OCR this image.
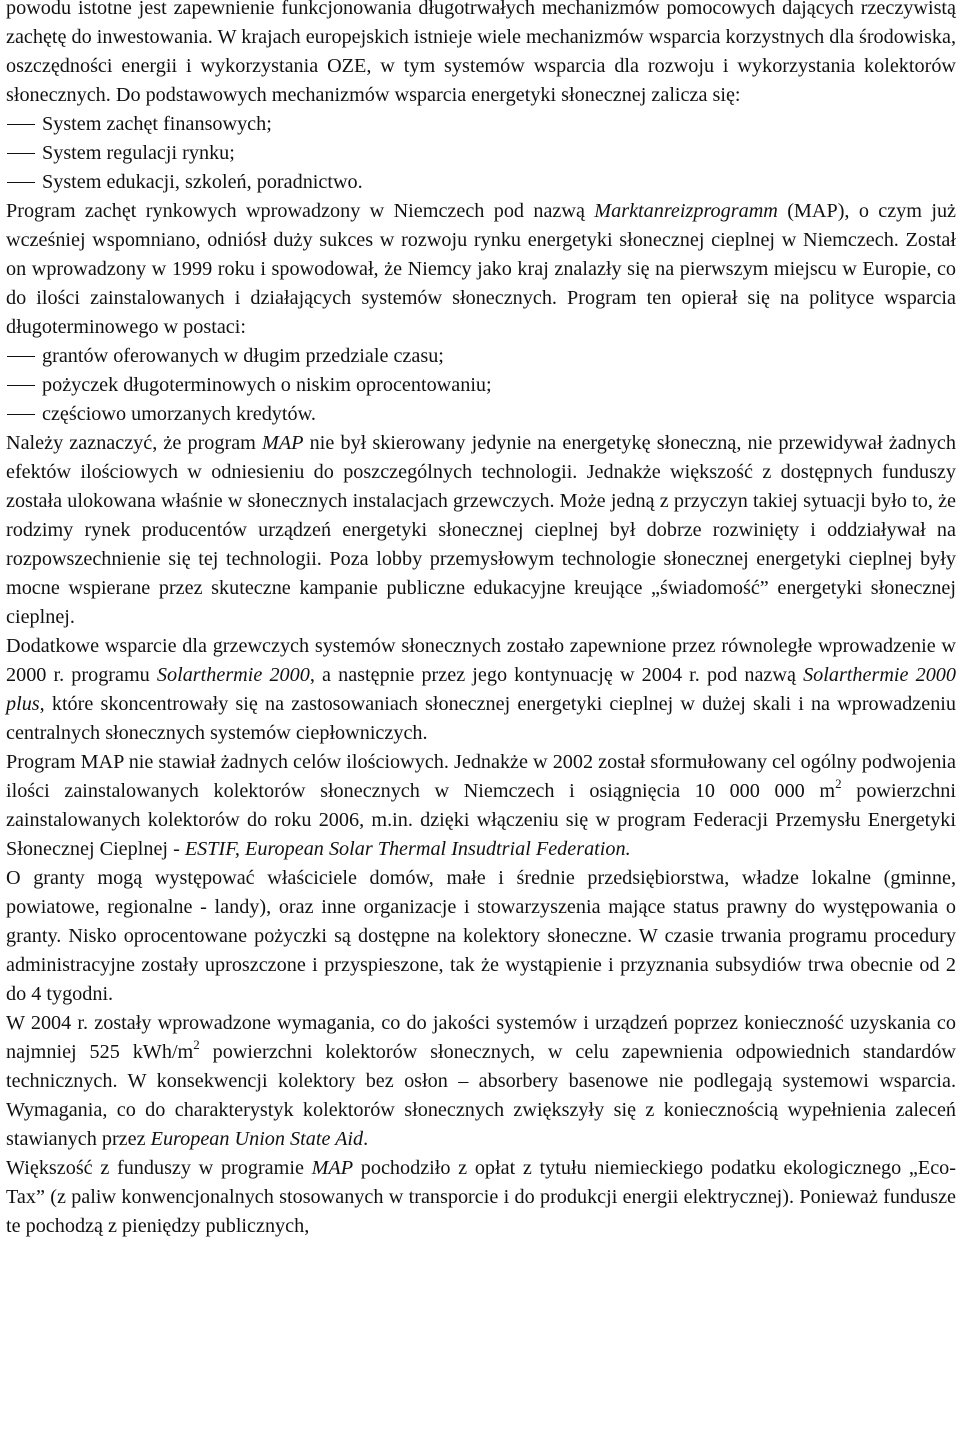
powodu istotne jest zapewnienie funkcjonowania długotrwałych mechanizmów pomocowych dających rzeczywistą zachętę do inwestowania. W krajach europejskich istnieje wiele mechanizmów wsparcia korzystnych dla środowiska, oszczędności energii i wykorzystania OZE, w tym systemów wsparcia dla rozwoju i wykorzystania kolektorów słonecznych. Do podstawowych mechanizmów wsparcia energetyki słonecznej zalicza się:

System zachęt finansowych;
System regulacji rynku;
System edukacji, szkoleń, poradnictwo.

Program zachęt rynkowych wprowadzony w Niemczech pod nazwą Marktanreizprogramm (MAP), o czym już wcześniej wspomniano, odniósł duży sukces w rozwoju rynku energetyki słonecznej cieplnej w Niemczech. Został on wprowadzony w 1999 roku i spowodował, że Niemcy jako kraj znalazły się na pierwszym miejscu w Europie, co do ilości zainstalowanych i działających systemów słonecznych. Program ten opierał się na polityce wsparcia długoterminowego w postaci:

grantów oferowanych w długim przedziale czasu;
pożyczek długoterminowych o niskim oprocentowaniu;
częściowo umorzanych kredytów.

Należy zaznaczyć, że program MAP nie był skierowany jedynie na energetykę słoneczną, nie przewidywał żadnych efektów ilościowych w odniesieniu do poszczególnych technologii. Jednakże większość z dostępnych funduszy została ulokowana właśnie w słonecznych instalacjach grzewczych. Może jedną z przyczyn takiej sytuacji było to, że rodzimy rynek producentów urządzeń energetyki słonecznej cieplnej był dobrze rozwinięty i oddziaływał na rozpowszechnienie się tej technologii. Poza lobby przemysłowym technologie słonecznej energetyki cieplnej były mocne wspierane przez skuteczne kampanie publiczne edukacyjne kreujące „świadomość” energetyki słonecznej cieplnej.

Dodatkowe wsparcie dla grzewczych systemów słonecznych zostało zapewnione przez równoległe wprowadzenie w 2000 r. programu Solarthermie 2000, a następnie przez jego kontynuację w 2004 r. pod nazwą Solarthermie 2000 plus, które skoncentrowały się na zastosowaniach słonecznej energetyki cieplnej w dużej skali i na wprowadzeniu centralnych słonecznych systemów ciepłowniczych.

Program MAP nie stawiał żadnych celów ilościowych. Jednakże w 2002 został sformułowany cel ogólny podwojenia ilości zainstalowanych kolektorów słonecznych w Niemczech i osiągnięcia 10 000 000 $m^2$ powierzchni zainstalowanych kolektorów do roku 2006, m.in. dzięki włączeniu się w program Federacji Przemysłu Energetyki Słonecznej Cieplnej - ESTIF, European Solar Thermal Insudtrial Federation.

O granty mogą występować właściciele domów, małe i średnie przedsiębiorstwa, władze lokalne (gminne, powiatowe, regionalne - landy), oraz inne organizacje i stowarzyszenia mające status prawny do występowania o granty. Nisko oprocentowane pożyczki są dostępne na kolektory słoneczne. W czasie trwania programu procedury administracyjne zostały uproszczone i przyspieszone, tak że wystąpienie i przyznania subsydiów trwa obecnie od 2 do 4 tygodni.

W 2004 r. zostały wprowadzone wymagania, co do jakości systemów i urządzeń poprzez konieczność uzyskania co najmniej 525 kWh/$m^2$ powierzchni kolektorów słonecznych, w celu zapewnienia odpowiednich standardów technicznych. W konsekwencji kolektory bez osłon – absorbery basenowe nie podlegają systemowi wsparcia. Wymagania, co do charakterystyk kolektorów słonecznych zwiększyły się z koniecznością wypełnienia zaleceń stawianych przez European Union State Aid.

Większość z funduszy w programie MAP pochodziło z opłat z tytułu niemieckiego podatku ekologicznego „Eco-Tax” (z paliw konwencjonalnych stosowanych w transporcie i do produkcji energii elektrycznej). Ponieważ fundusze te pochodzą z pieniędzy publicznych,
